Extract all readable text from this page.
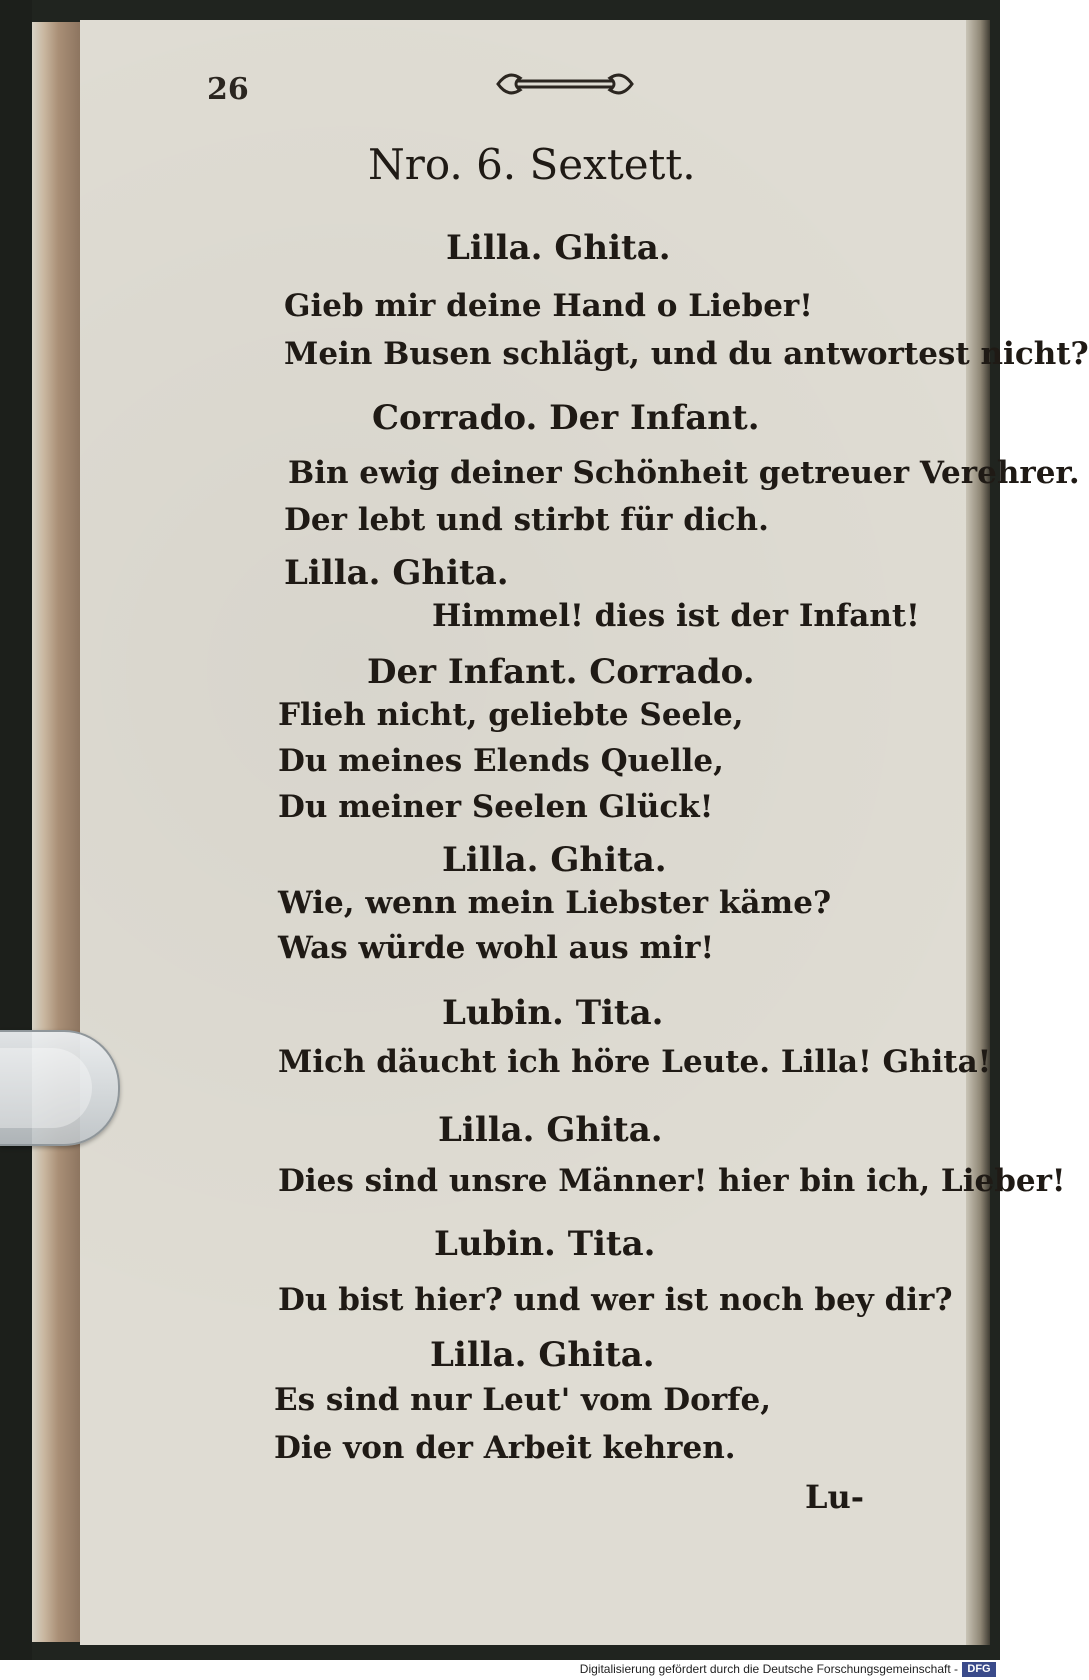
26
Nro. 6. Sextett.
Lilla. Ghita.
Gieb mir deine Hand o Lieber!
Mein Busen schlägt, und du antwortest nicht?
Corrado. Der Infant.
Bin ewig deiner Schönheit getreuer Verehrer.
Der lebt und stirbt für dich.
Lilla. Ghita.
Himmel! dies ist der Infant!
Der Infant. Corrado.
Flieh nicht, geliebte Seele,
Du meines Elends Quelle,
Du meiner Seelen Glück!
Lilla. Ghita.
Wie, wenn mein Liebster käme?
Was würde wohl aus mir!
Lubin. Tita.
Mich däucht ich höre Leute. Lilla! Ghita!
Lilla. Ghita.
Dies sind unsre Männer! hier bin ich, Lieber!
Lubin. Tita.
Du bist hier? und wer ist noch bey dir?
Lilla. Ghita.
Es sind nur Leut' vom Dorfe,
Die von der Arbeit kehren.
Lu-
Digitalisierung gefördert durch die Deutsche Forschungsgemeinschaft - DFG
